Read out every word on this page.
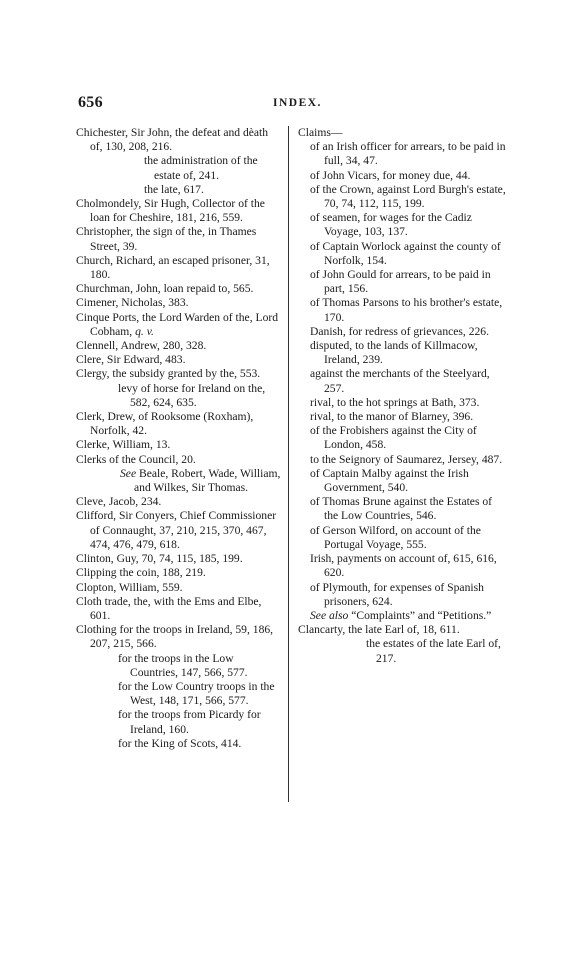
656	INDEX.
Chichester, Sir John, the defeat and dèath of, 130, 208, 216.
the administration of the estate of, 241.
the late, 617.
Cholmondely, Sir Hugh, Collector of the loan for Cheshire, 181, 216, 559.
Christopher, the sign of the, in Thames Street, 39.
Church, Richard, an escaped prisoner, 31, 180.
Churchman, John, loan repaid to, 565.
Cimener, Nicholas, 383.
Cinque Ports, the Lord Warden of the, Lord Cobham, q. v.
Clennell, Andrew, 280, 328.
Clere, Sir Edward, 483.
Clergy, the subsidy granted by the, 553.
levy of horse for Ireland on the, 582, 624, 635.
Clerk, Drew, of Rooksome (Roxham), Norfolk, 42.
Clerke, William, 13.
Clerks of the Council, 20.
See Beale, Robert, Wade, William, and Wilkes, Sir Thomas.
Cleve, Jacob, 234.
Clifford, Sir Conyers, Chief Commissioner of Connaught, 37, 210, 215, 370, 467, 474, 476, 479, 618.
Clinton, Guy, 70, 74, 115, 185, 199.
Clipping the coin, 188, 219.
Clopton, William, 559.
Cloth trade, the, with the Ems and Elbe, 601.
Clothing for the troops in Ireland, 59, 186, 207, 215, 566.
for the troops in the Low Countries, 147, 566, 577.
for the Low Country troops in the West, 148, 171, 566, 577.
for the troops from Picardy for Ireland, 160.
for the King of Scots, 414.
Claims—
of an Irish officer for arrears, to be paid in full, 34, 47.
of John Vicars, for money due, 44.
of the Crown, against Lord Burgh's estate, 70, 74, 112, 115, 199.
of seamen, for wages for the Cadiz Voyage, 103, 137.
of Captain Worlock against the county of Norfolk, 154.
of John Gould for arrears, to be paid in part, 156.
of Thomas Parsons to his brother's estate, 170.
Danish, for redress of grievances, 226.
disputed, to the lands of Killmacow, Ireland, 239.
against the merchants of the Steelyard, 257.
rival, to the hot springs at Bath, 373.
rival, to the manor of Blarney, 396.
of the Frobishers against the City of London, 458.
to the Seignory of Saumarez, Jersey, 487.
of Captain Malby against the Irish Government, 540.
of Thomas Brune against the Estates of the Low Countries, 546.
of Gerson Wilford, on account of the Portugal Voyage, 555.
Irish, payments on account of, 615, 616, 620.
of Plymouth, for expenses of Spanish prisoners, 624.
See also “Complaints” and “Petitions.”
Clancarty, the late Earl of, 18, 611.
the estates of the late Earl of, 217.
